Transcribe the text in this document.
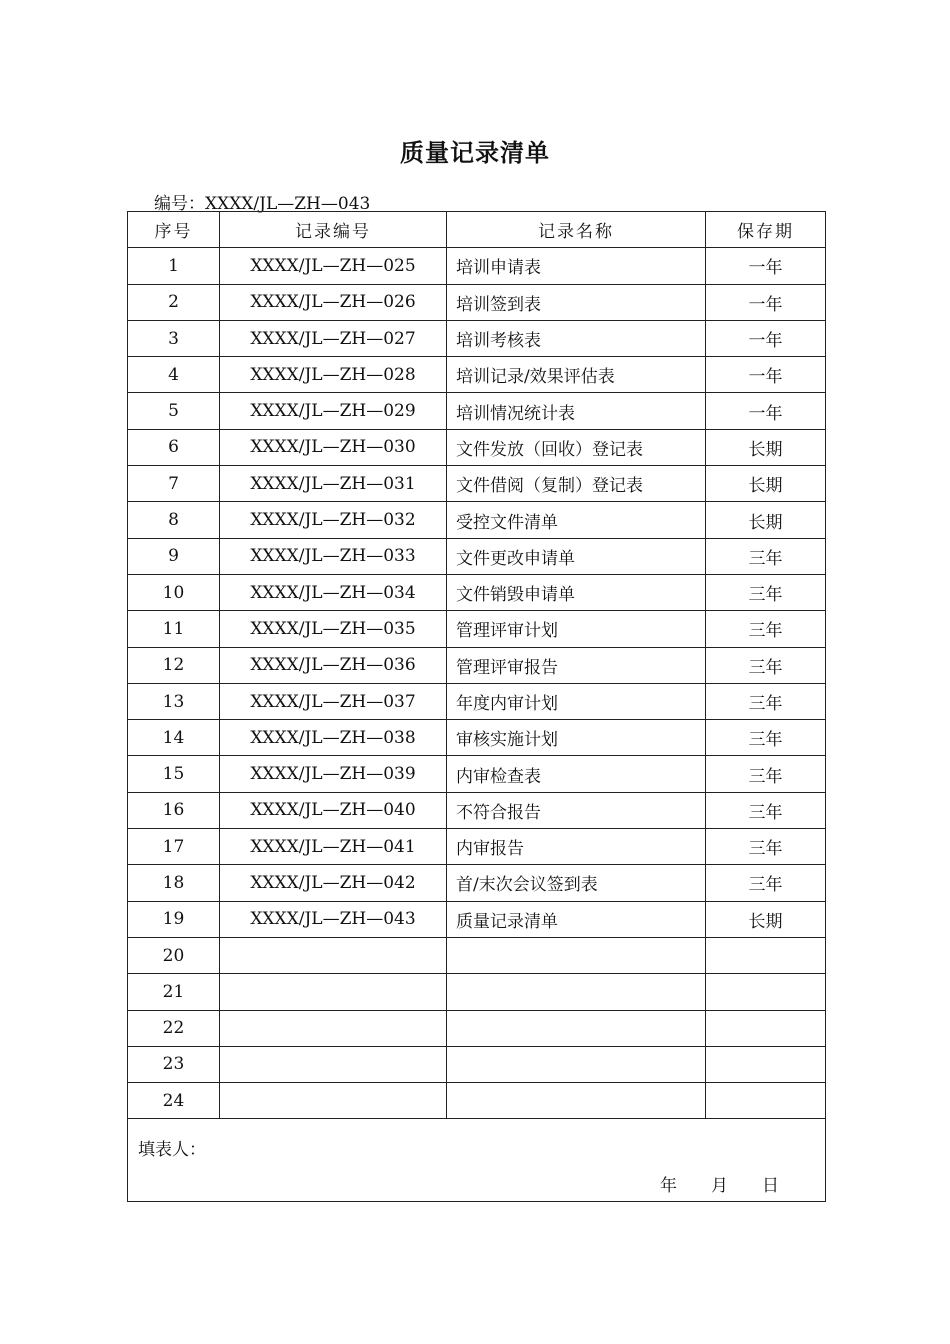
质量记录清单
编号：XXXX/JL—ZH—043
序号	记录编号	记录名称	保存期
1	XXXX/JL—ZH—025	培训申请表	一年
2	XXXX/JL—ZH—026	培训签到表	一年
3	XXXX/JL—ZH—027	培训考核表	一年
4	XXXX/JL—ZH—028	培训记录/效果评估表	一年
5	XXXX/JL—ZH—029	培训情况统计表	一年
6	XXXX/JL—ZH—030	文件发放（回收）登记表	长期
7	XXXX/JL—ZH—031	文件借阅（复制）登记表	长期
8	XXXX/JL—ZH—032	受控文件清单	长期
9	XXXX/JL—ZH—033	文件更改申请单	三年
10	XXXX/JL—ZH—034	文件销毁申请单	三年
11	XXXX/JL—ZH—035	管理评审计划	三年
12	XXXX/JL—ZH—036	管理评审报告	三年
13	XXXX/JL—ZH—037	年度内审计划	三年
14	XXXX/JL—ZH—038	审核实施计划	三年
15	XXXX/JL—ZH—039	内审检查表	三年
16	XXXX/JL—ZH—040	不符合报告	三年
17	XXXX/JL—ZH—041	内审报告	三年
18	XXXX/JL—ZH—042	首/末次会议签到表	三年
19	XXXX/JL—ZH—043	质量记录清单	长期
20			
21			
22			
23			
24			

填表人：
年 月 日			
